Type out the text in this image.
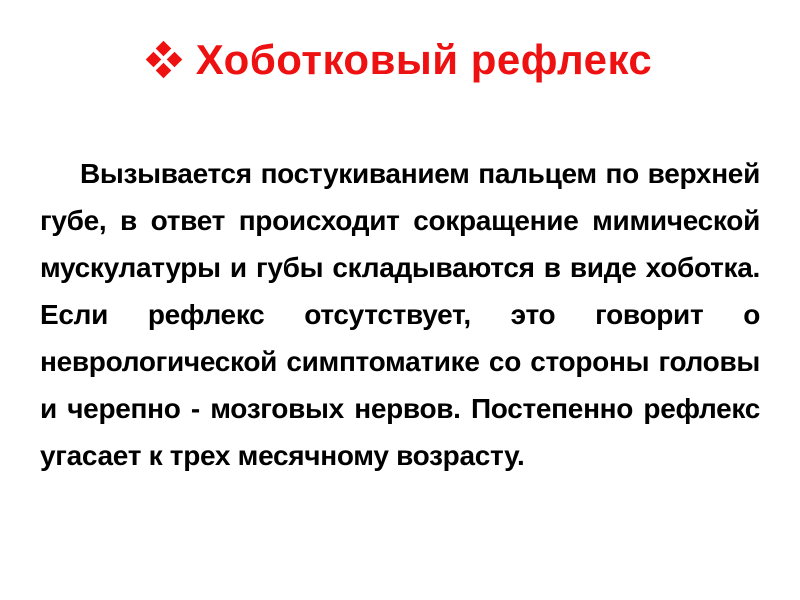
Хоботковый рефлекс

Вызывается постукиванием пальцем по верхней губе, в ответ происходит сокращение мимической мускулатуры и губы складываются в виде хоботка. Если рефлекс отсутствует, это говорит о неврологической симптоматике со стороны головы и черепно - мозговых нервов. Постепенно рефлекс угасает к трех месячному возрасту.
